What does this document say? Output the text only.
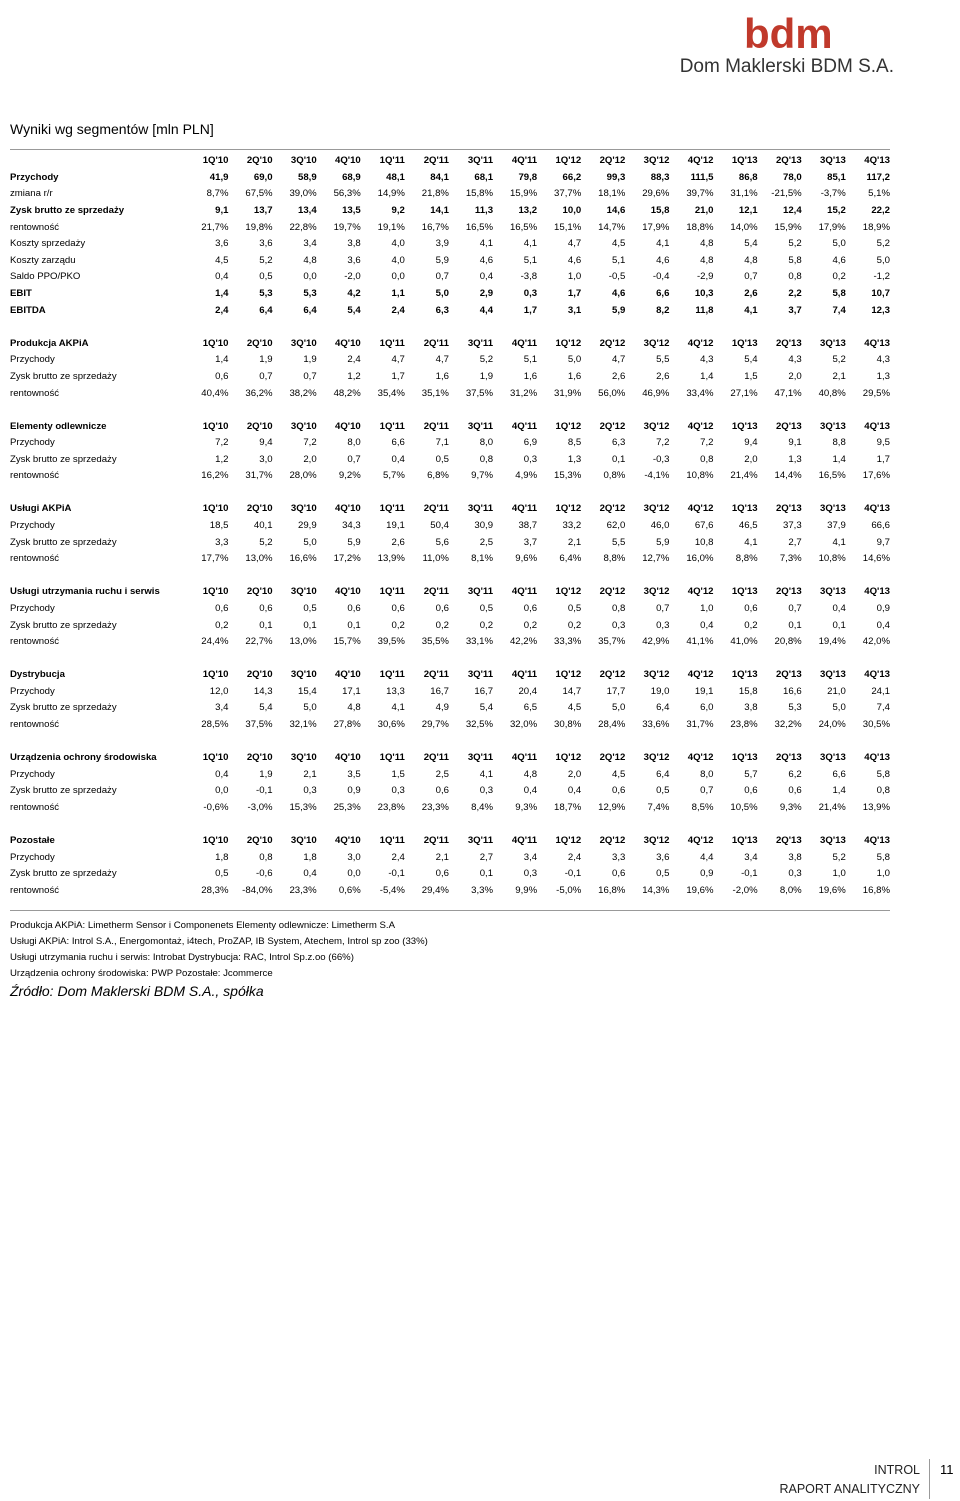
bdm
Dom Maklerski BDM S.A.
Wyniki wg segmentów [mln PLN]
	1Q'10	2Q'10	3Q'10	4Q'10	1Q'11	2Q'11	3Q'11	4Q'11	1Q'12	2Q'12	3Q'12	4Q'12	1Q'13	2Q'13	3Q'13	4Q'13
Przychody	41,9	69,0	58,9	68,9	48,1	84,1	68,1	79,8	66,2	99,3	88,3	111,5	86,8	78,0	85,1	117,2
zmiana r/r	8,7%	67,5%	39,0%	56,3%	14,9%	21,8%	15,8%	15,9%	37,7%	18,1%	29,6%	39,7%	31,1%	-21,5%	-3,7%	5,1%
Zysk brutto ze sprzedaży	9,1	13,7	13,4	13,5	9,2	14,1	11,3	13,2	10,0	14,6	15,8	21,0	12,1	12,4	15,2	22,2
rentowność	21,7%	19,8%	22,8%	19,7%	19,1%	16,7%	16,5%	16,5%	15,1%	14,7%	17,9%	18,8%	14,0%	15,9%	17,9%	18,9%
Koszty sprzedaży	3,6	3,6	3,4	3,8	4,0	3,9	4,1	4,1	4,7	4,5	4,1	4,8	5,4	5,2	5,0	5,2
Koszty zarządu	4,5	5,2	4,8	3,6	4,0	5,9	4,6	5,1	4,6	5,1	4,6	4,8	4,8	5,8	4,6	5,0
Saldo PPO/PKO	0,4	0,5	0,0	-2,0	0,0	0,7	0,4	-3,8	1,0	-0,5	-0,4	-2,9	0,7	0,8	0,2	-1,2
EBIT	1,4	5,3	5,3	4,2	1,1	5,0	2,9	0,3	1,7	4,6	6,6	10,3	2,6	2,2	5,8	10,7
EBITDA	2,4	6,4	6,4	5,4	2,4	6,3	4,4	1,7	3,1	5,9	8,2	11,8	4,1	3,7	7,4	12,3
Produkcja AKPiA	1Q'10	2Q'10	3Q'10	4Q'10	1Q'11	2Q'11	3Q'11	4Q'11	1Q'12	2Q'12	3Q'12	4Q'12	1Q'13	2Q'13	3Q'13	4Q'13
Przychody	1,4	1,9	1,9	2,4	4,7	4,7	5,2	5,1	5,0	4,7	5,5	4,3	5,4	4,3	5,2	4,3
Zysk brutto ze sprzedaży	0,6	0,7	0,7	1,2	1,7	1,6	1,9	1,6	1,6	2,6	2,6	1,4	1,5	2,0	2,1	1,3
rentowność	40,4%	36,2%	38,2%	48,2%	35,4%	35,1%	37,5%	31,2%	31,9%	56,0%	46,9%	33,4%	27,1%	47,1%	40,8%	29,5%
Elementy odlewnicze	1Q'10	2Q'10	3Q'10	4Q'10	1Q'11	2Q'11	3Q'11	4Q'11	1Q'12	2Q'12	3Q'12	4Q'12	1Q'13	2Q'13	3Q'13	4Q'13
Przychody	7,2	9,4	7,2	8,0	6,6	7,1	8,0	6,9	8,5	6,3	7,2	7,2	9,4	9,1	8,8	9,5
Zysk brutto ze sprzedaży	1,2	3,0	2,0	0,7	0,4	0,5	0,8	0,3	1,3	0,1	-0,3	0,8	2,0	1,3	1,4	1,7
rentowność	16,2%	31,7%	28,0%	9,2%	5,7%	6,8%	9,7%	4,9%	15,3%	0,8%	-4,1%	10,8%	21,4%	14,4%	16,5%	17,6%
Usługi AKPiA	1Q'10	2Q'10	3Q'10	4Q'10	1Q'11	2Q'11	3Q'11	4Q'11	1Q'12	2Q'12	3Q'12	4Q'12	1Q'13	2Q'13	3Q'13	4Q'13
Przychody	18,5	40,1	29,9	34,3	19,1	50,4	30,9	38,7	33,2	62,0	46,0	67,6	46,5	37,3	37,9	66,6
Zysk brutto ze sprzedaży	3,3	5,2	5,0	5,9	2,6	5,6	2,5	3,7	2,1	5,5	5,9	10,8	4,1	2,7	4,1	9,7
rentowność	17,7%	13,0%	16,6%	17,2%	13,9%	11,0%	8,1%	9,6%	6,4%	8,8%	12,7%	16,0%	8,8%	7,3%	10,8%	14,6%
Usługi utrzymania ruchu i serwis	1Q'10	2Q'10	3Q'10	4Q'10	1Q'11	2Q'11	3Q'11	4Q'11	1Q'12	2Q'12	3Q'12	4Q'12	1Q'13	2Q'13	3Q'13	4Q'13
Przychody	0,6	0,6	0,5	0,6	0,6	0,6	0,5	0,6	0,5	0,8	0,7	1,0	0,6	0,7	0,4	0,9
Zysk brutto ze sprzedaży	0,2	0,1	0,1	0,1	0,2	0,2	0,2	0,2	0,2	0,3	0,3	0,4	0,2	0,1	0,1	0,4
rentowność	24,4%	22,7%	13,0%	15,7%	39,5%	35,5%	33,1%	42,2%	33,3%	35,7%	42,9%	41,1%	41,0%	20,8%	19,4%	42,0%
Dystrybucja	1Q'10	2Q'10	3Q'10	4Q'10	1Q'11	2Q'11	3Q'11	4Q'11	1Q'12	2Q'12	3Q'12	4Q'12	1Q'13	2Q'13	3Q'13	4Q'13
Przychody	12,0	14,3	15,4	17,1	13,3	16,7	16,7	20,4	14,7	17,7	19,0	19,1	15,8	16,6	21,0	24,1
Zysk brutto ze sprzedaży	3,4	5,4	5,0	4,8	4,1	4,9	5,4	6,5	4,5	5,0	6,4	6,0	3,8	5,3	5,0	7,4
rentowność	28,5%	37,5%	32,1%	27,8%	30,6%	29,7%	32,5%	32,0%	30,8%	28,4%	33,6%	31,7%	23,8%	32,2%	24,0%	30,5%
Urządzenia ochrony środowiska	1Q'10	2Q'10	3Q'10	4Q'10	1Q'11	2Q'11	3Q'11	4Q'11	1Q'12	2Q'12	3Q'12	4Q'12	1Q'13	2Q'13	3Q'13	4Q'13
Przychody	0,4	1,9	2,1	3,5	1,5	2,5	4,1	4,8	2,0	4,5	6,4	8,0	5,7	6,2	6,6	5,8
Zysk brutto ze sprzedaży	0,0	-0,1	0,3	0,9	0,3	0,6	0,3	0,4	0,4	0,6	0,5	0,7	0,6	0,6	1,4	0,8
rentowność	-0,6%	-3,0%	15,3%	25,3%	23,8%	23,3%	8,4%	9,3%	18,7%	12,9%	7,4%	8,5%	10,5%	9,3%	21,4%	13,9%
Pozostałe	1Q'10	2Q'10	3Q'10	4Q'10	1Q'11	2Q'11	3Q'11	4Q'11	1Q'12	2Q'12	3Q'12	4Q'12	1Q'13	2Q'13	3Q'13	4Q'13
Przychody	1,8	0,8	1,8	3,0	2,4	2,1	2,7	3,4	2,4	3,3	3,6	4,4	3,4	3,8	5,2	5,8
Zysk brutto ze sprzedaży	0,5	-0,6	0,4	0,0	-0,1	0,6	0,1	0,3	-0,1	0,6	0,5	0,9	-0,1	0,3	1,0	1,0
rentowność	28,3%	-84,0%	23,3%	0,6%	-5,4%	29,4%	3,3%	9,9%	-5,0%	16,8%	14,3%	19,6%	-2,0%	8,0%	19,6%	16,8%
Produkcja AKPiA: Limetherm Sensor i Componenets Elementy odlewnicze: Limetherm S.A
Usługi AKPiA: Introl S.A., Energomontaż, i4tech, ProZAP, IB System, Atechem, Introl sp zoo (33%)
Usługi utrzymania ruchu i serwis: Introbat Dystrybucja: RAC, Introl Sp.z.oo (66%)
Urządzenia ochrony środowiska: PWP Pozostałe: Jcommerce
Źródło: Dom Maklerski BDM S.A., spółka
INTROL
RAPORT ANALITYCZNY
11
